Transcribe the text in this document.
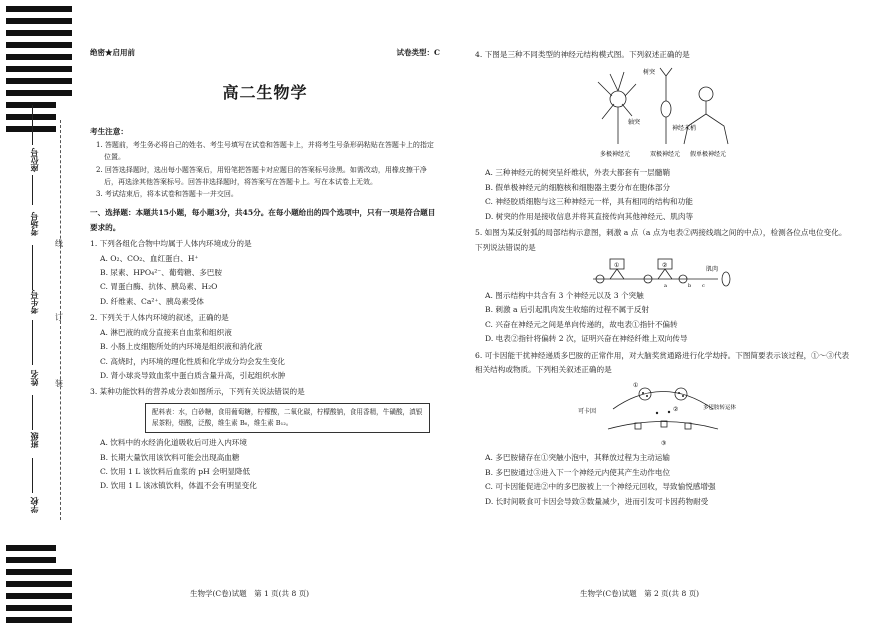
座位号
考场号
考生号
姓名
班级
学校
线
订
装
绝密★启用前	试卷类型：C
高二生物学
考生注意：

1. 答题前，考生务必将自己的姓名、考生号填写在试卷和答题卡上，并将考生号条形码粘贴在答题卡上的指定位置。

2. 回答选择题时，选出每小题答案后，用铅笔把答题卡对应题目的答案标号涂黑。如需改动，用橡皮擦干净后，再选涂其他答案标号。回答非选择题时，将答案写在答题卡上。写在本试卷上无效。

3. 考试结束后，将本试卷和答题卡一并交回。

一、选择题：本题共15小题，每小题3分，共45分。在每小题给出的四个选项中，只有一项是符合题目要求的。
1. 下列各组化合物中均属于人体内环境成分的是
A. O₂、CO₂、血红蛋白、H⁺
B. 尿素、HPO₄²⁻、葡萄糖、多巴胺
C. 胃蛋白酶、抗体、胰岛素、H₂O
D. 纤维素、Ca²⁺、胰岛素受体
2. 下列关于人体内环境的叙述，正确的是
A. 淋巴液的成分直接来自血浆和组织液
B. 小肠上皮细胞所处的内环境是组织液和消化液
C. 高烧时，内环境的理化性质和化学成分均会发生变化
D. 肾小球炎导致血浆中蛋白质含量升高，引起组织水肿
3. 某种功能饮料的营养成分表如图所示，下列有关说法错误的是
配料表：水，白砂糖，食用葡萄糖，柠檬酸，二氧化碳，柠檬酸钠，食用香精，牛磺酸，滇银尿茶粉，烟酸，泛酸，维生素 B₆，维生素 B₁₂。
A. 饮料中的水经消化道吸收后可进入内环境
B. 长期大量饮用该饮料可能会出现高血糖
C. 饮用 1 L 该饮料后血浆的 pH 会明显降低
D. 饮用 1 L 该冰镇饮料，体温不会有明显变化
4. 下图是三种不同类型的神经元结构模式图。下列叙述正确的是
树突
轴突
神经末梢
多极神经元	双极神经元 假单极神经元
A. 三种神经元的树突呈纤维状，外表大都套有一层髓鞘
B. 假单极神经元的细胞核和细胞器主要分布在胞体部分
C. 神经胶质细胞与这三种神经元一样，具有相同的结构和功能
D. 树突的作用是接收信息并将其直接传向其他神经元、肌肉等
5. 如图为某反射弧的局部结构示意图，刺激 a 点（a 点为电表②两接线端之间的中点），检测各位点电位变化。下列说法错误的是
①	②
a	b c
肌肉
A. 图示结构中共含有 3 个神经元以及 3 个突触
B. 刺激 a 后引起肌肉发生收缩的过程不属于反射
C. 兴奋在神经元之间是单向传递的，故电表①指针不偏转
D. 电表②指针将偏转 2 次，证明兴奋在神经纤维上双向传导
6. 可卡因能干扰神经递质多巴胺的正常作用，对大脑奖赏通路进行化学劫持。下图简要表示该过程，①～③代表相关结构或物质。下列相关叙述正确的是
①
②
③
可卡因	多巴胺转运体
A. 多巴胺储存在①突触小泡中，其释放过程为主动运输
B. 多巴胺通过③进入下一个神经元内使其产生动作电位
C. 可卡因能促进②中的多巴胺被上一个神经元回收，导致愉悦感增强
D. 长时间吸食可卡因会导致③数量减少，进而引发可卡因药物耐受
生物学(C卷)试题　第 1 页(共 8 页)	生物学(C卷)试题　第 2 页(共 8 页)
